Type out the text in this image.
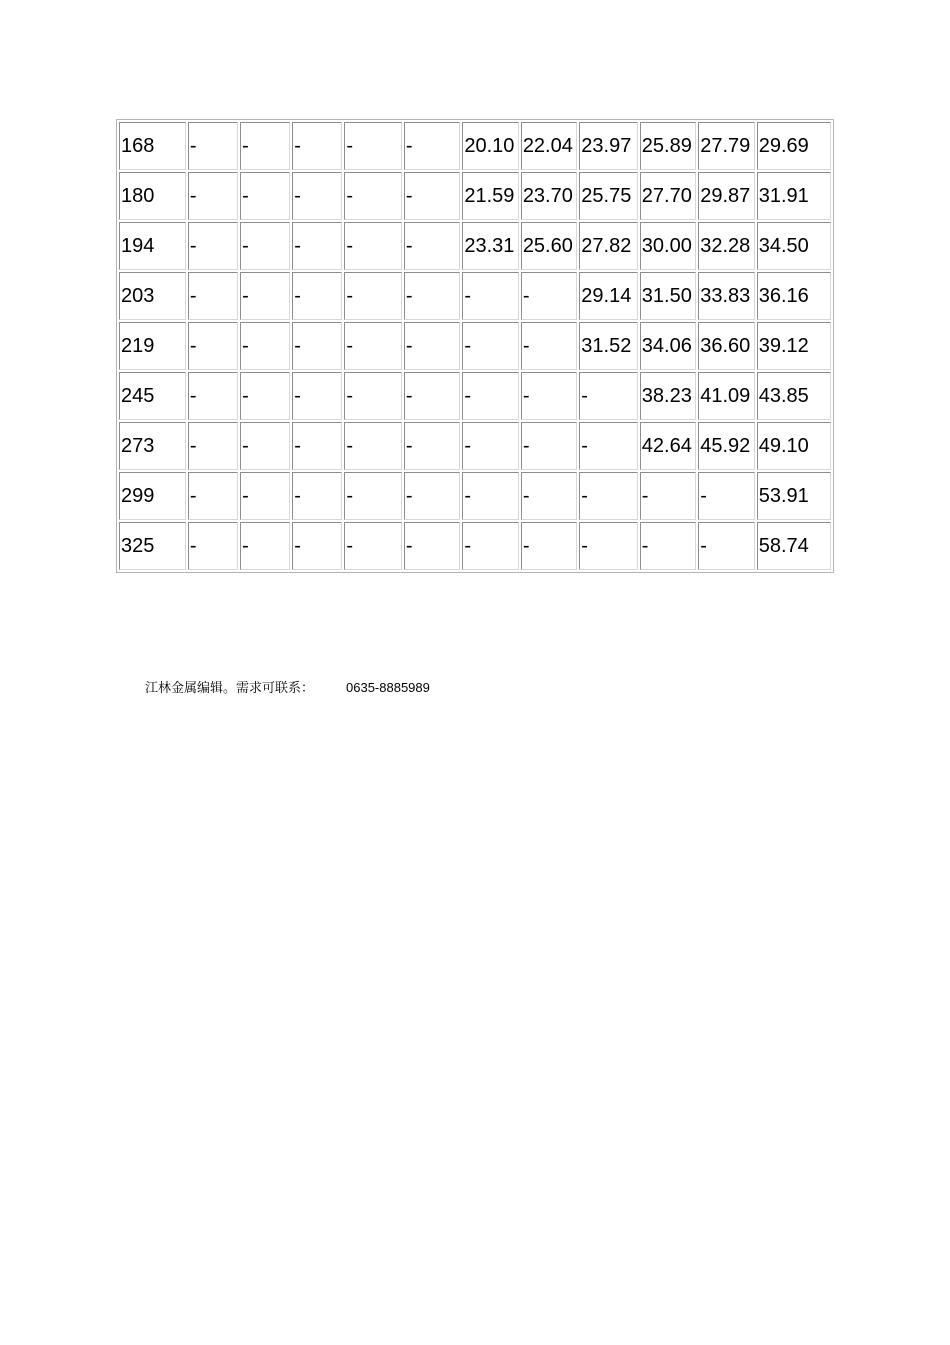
168	-	-	-	-	-	20.10	22.04	23.97	25.89	27.79	29.69
180	-	-	-	-	-	21.59	23.70	25.75	27.70	29.87	31.91
194	-	-	-	-	-	23.31	25.60	27.82	30.00	32.28	34.50
203	-	-	-	-	-	-	-	29.14	31.50	33.83	36.16
219	-	-	-	-	-	-	-	31.52	34.06	36.60	39.12
245	-	-	-	-	-	-	-	-	38.23	41.09	43.85
273	-	-	-	-	-	-	-	-	42.64	45.92	49.10
299	-	-	-	-	-	-	-	-	-	-	53.91
325	-	-	-	-	-	-	-	-	-	-	58.74
江林金属编辑。需求可联系： 0635-8885989
